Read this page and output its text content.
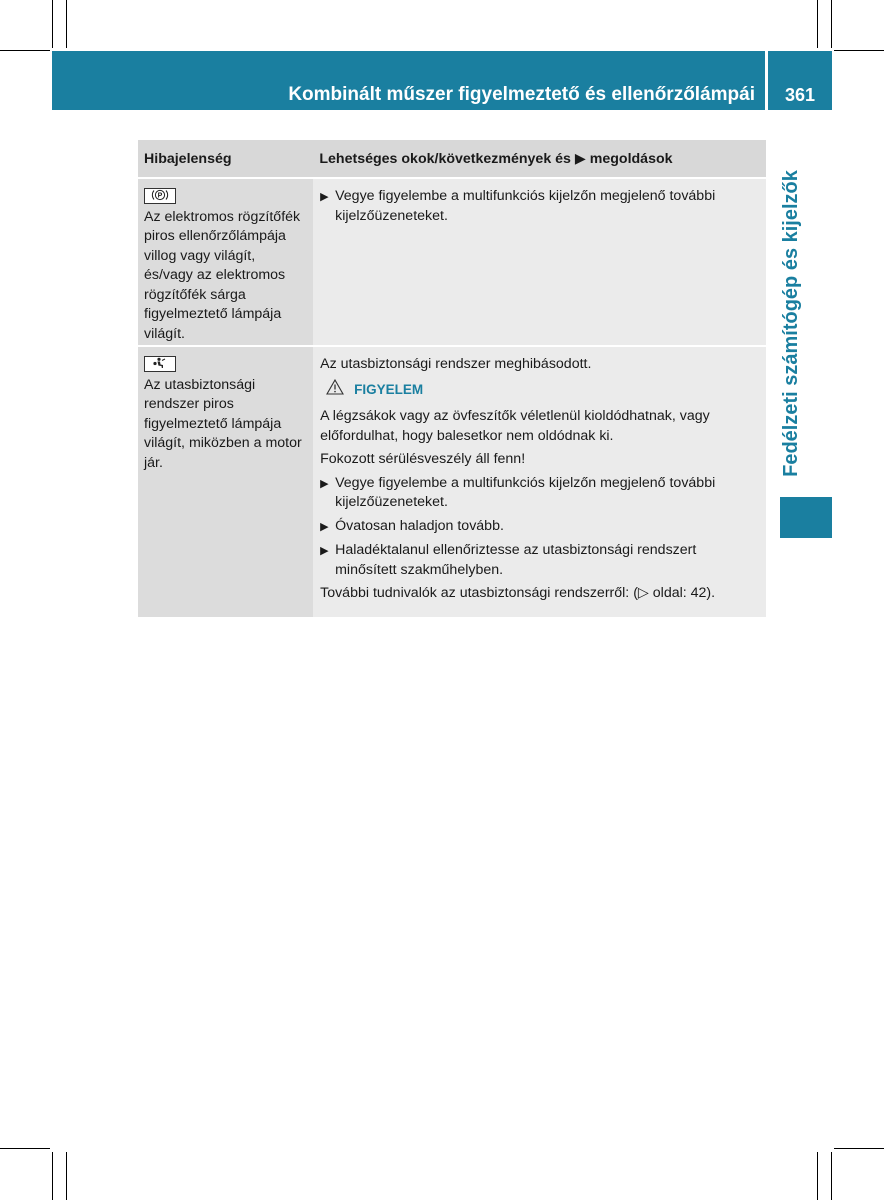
Kombinált műszer figyelmeztető és ellenőrzőlámpái	361
Fedélzeti számítógép és kijelzők
Hibajelenség	Lehetséges okok/következmények és ▶ megoldások
P
Az elektromos rögzítőfék piros ellenőrzőlámpája villog vagy világít, és/vagy az elektromos rögzítőfék sárga figyelmeztető lámpája világít.
▶ Vegye figyelembe a multifunkciós kijelzőn megjelenő további kijelzőüzeneteket.
Az utasbiztonsági rendszer piros figyelmeztető lámpája világít, miközben a motor jár.
Az utasbiztonsági rendszer meghibásodott.
FIGYELEM
A légzsákok vagy az övfeszítők véletlenül kioldódhatnak, vagy előfordulhat, hogy balesetkor nem oldódnak ki.
Fokozott sérülésveszély áll fenn!
▶ Vegye figyelembe a multifunkciós kijelzőn megjelenő további kijelzőüzeneteket.
▶ Óvatosan haladjon tovább.
▶ Haladéktalanul ellenőriztesse az utasbiztonsági rendszert minősített szakműhelyben.
További tudnivalók az utasbiztonsági rendszerről: (▷ oldal: 42).
